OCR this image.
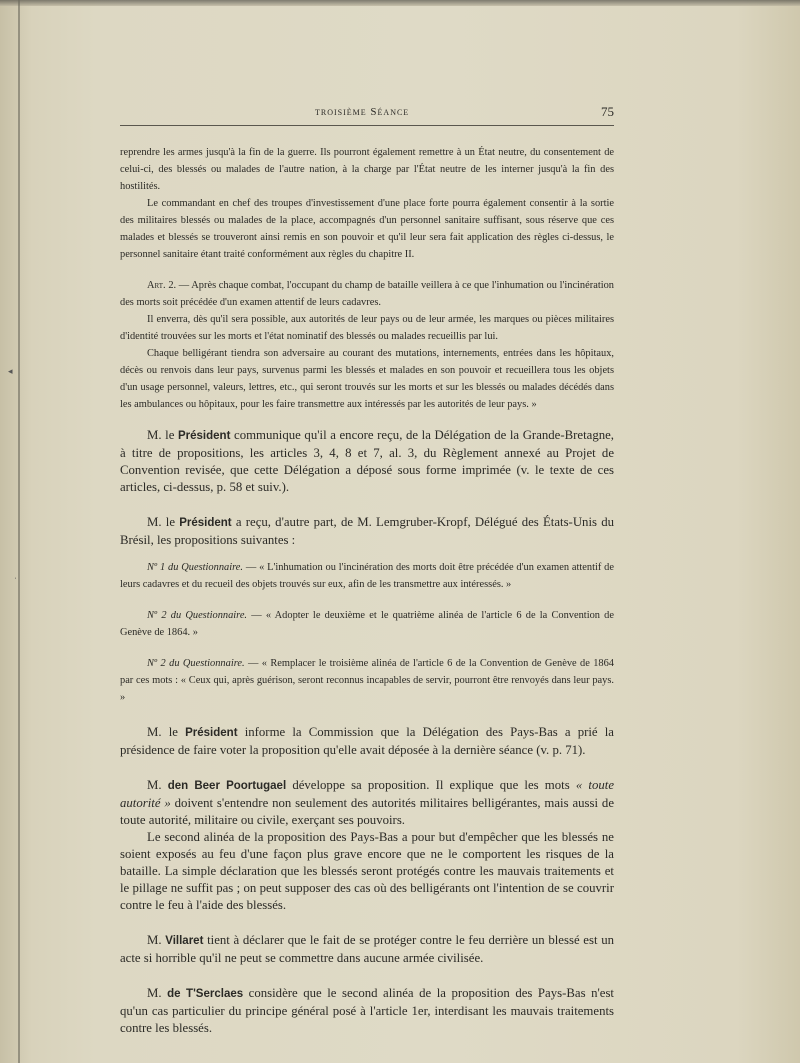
◂
ˈ
troisième Séance	75

reprendre les armes jusqu'à la fin de la guerre. Ils pourront également remettre à un État neutre, du consentement de celui-ci, des blessés ou malades de l'autre nation, à la charge par l'État neutre de les interner jusqu'à la fin des hostilités.

Le commandant en chef des troupes d'investissement d'une place forte pourra également consentir à la sortie des militaires blessés ou malades de la place, accompagnés d'un personnel sanitaire suffisant, sous réserve que ces malades et blessés se trouveront ainsi remis en son pouvoir et qu'il leur sera fait application des règles ci-dessus, le personnel sanitaire étant traité conformément aux règles du chapitre II.

Art. 2. — Après chaque combat, l'occupant du champ de bataille veillera à ce que l'inhumation ou l'incinération des morts soit précédée d'un examen attentif de leurs cadavres.

Il enverra, dès qu'il sera possible, aux autorités de leur pays ou de leur armée, les marques ou pièces militaires d'identité trouvées sur les morts et l'état nominatif des blessés ou malades recueillis par lui.

Chaque belligérant tiendra son adversaire au courant des mutations, internements, entrées dans les hôpitaux, décès ou renvois dans leur pays, survenus parmi les blessés et malades en son pouvoir et recueillera tous les objets d'un usage personnel, valeurs, lettres, etc., qui seront trouvés sur les morts et sur les blessés ou malades décédés dans les ambulances ou hôpitaux, pour les faire transmettre aux intéressés par les autorités de leur pays. »

M. le Président communique qu'il a encore reçu, de la Délégation de la Grande-Bretagne, à titre de propositions, les articles 3, 4, 8 et 7, al. 3, du Règlement annexé au Projet de Convention revisée, que cette Délégation a déposé sous forme imprimée (v. le texte de ces articles, ci-dessus, p. 58 et suiv.).

M. le Président a reçu, d'autre part, de M. Lemgruber-Kropf, Délégué des États-Unis du Brésil, les propositions suivantes :

Nº 1 du Questionnaire. — « L'inhumation ou l'incinération des morts doit être précédée d'un examen attentif de leurs cadavres et du recueil des objets trouvés sur eux, afin de les transmettre aux intéressés. »

Nº 2 du Questionnaire. — « Adopter le deuxième et le quatrième alinéa de l'article 6 de la Convention de Genève de 1864. »

Nº 2 du Questionnaire. — « Remplacer le troisième alinéa de l'article 6 de la Convention de Genève de 1864 par ces mots : « Ceux qui, après guérison, seront reconnus incapables de servir, pourront être renvoyés dans leur pays. »

M. le Président informe la Commission que la Délégation des Pays-Bas a prié la présidence de faire voter la proposition qu'elle avait déposée à la dernière séance (v. p. 71).

M. den Beer Poortugael développe sa proposition. Il explique que les mots « toute autorité » doivent s'entendre non seulement des autorités militaires belligérantes, mais aussi de toute autorité, militaire ou civile, exerçant ses pouvoirs.

Le second alinéa de la proposition des Pays-Bas a pour but d'empêcher que les blessés ne soient exposés au feu d'une façon plus grave encore que ne le comportent les risques de la bataille. La simple déclaration que les blessés seront protégés contre les mauvais traitements et le pillage ne suffit pas ; on peut supposer des cas où des belligérants ont l'intention de se couvrir contre le feu à l'aide des blessés.

M. Villaret tient à déclarer que le fait de se protéger contre le feu derrière un blessé est un acte si horrible qu'il ne peut se commettre dans aucune armée civilisée.

M. de T'Serclaes considère que le second alinéa de la proposition des Pays-Bas n'est qu'un cas particulier du principe général posé à l'article 1er, interdisant les mauvais traitements contre les blessés.
